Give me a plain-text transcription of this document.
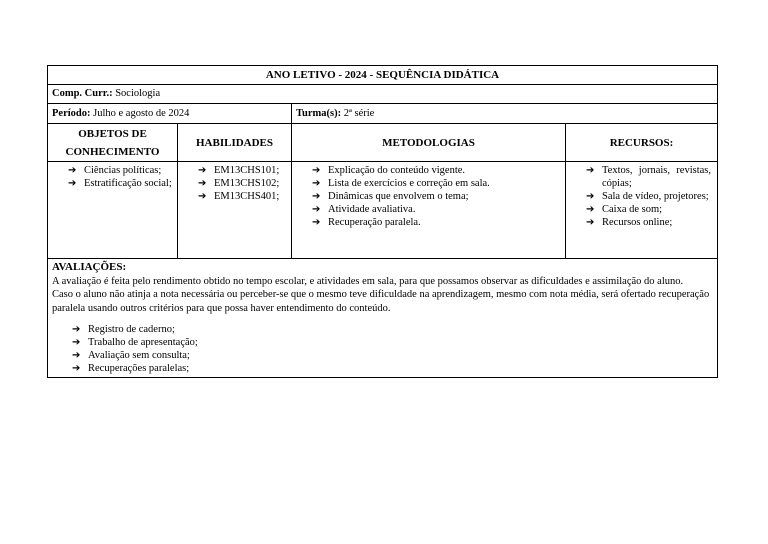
ANO LETIVO - 2024 - SEQUÊNCIA DIDÁTICA
Comp. Curr.: Sociologia
Período: Julho e agosto de 2024	Turma(s): 2ª série
OBJETOS DE
CONHECIMENTO
➔ Ciências políticas;
➔ Estratificação social;
HABILIDADES
➔ EM13CHS101;
➔ EM13CHS102;
➔ EM13CHS401;
METODOLOGIAS
➔ Explicação do conteúdo vigente.
➔ Lista de exercícios e correção em sala.
➔ Dinâmicas que envolvem o tema;
➔ Atividade avaliativa.
➔ Recuperação paralela.
RECURSOS:
➔ Textos, jornais, revistas, cópias;
➔ Sala de vídeo, projetores;
➔ Caixa de som;
➔ Recursos online;
AVALIAÇÕES:
A avaliação é feita pelo rendimento obtido no tempo escolar, e atividades em sala, para que possamos observar as dificuldades e assimilação do aluno.
Caso o aluno não atinja a nota necessária ou perceber-se que o mesmo teve dificuldade na aprendizagem, mesmo com nota média, será ofertado recuperação paralela usando outros critérios para que possa haver entendimento do conteúdo.
➔ Registro de caderno;
➔ Trabalho de apresentação;
➔ Avaliação sem consulta;
➔ Recuperações paralelas;
